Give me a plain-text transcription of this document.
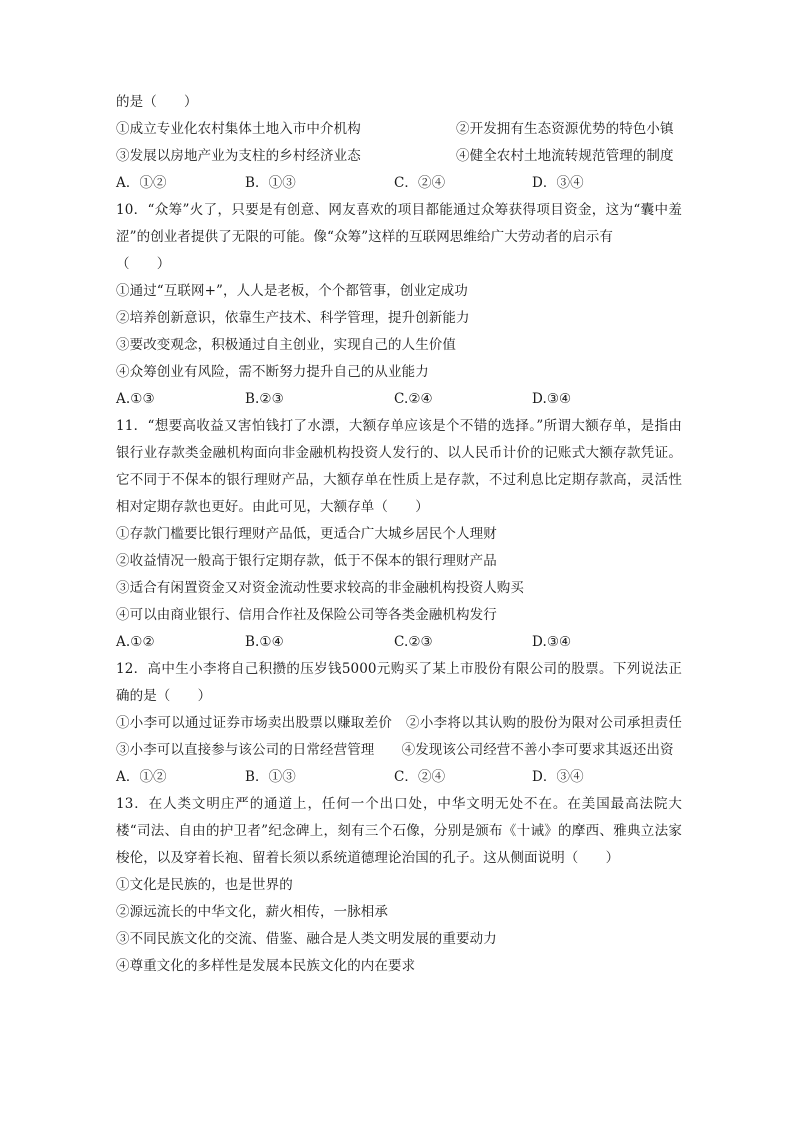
的是（　　）
①成立专业化农村集体土地入市中介机构	②开发拥有生态资源优势的特色小镇
③发展以房地产业为支柱的乡村经济业态	④健全农村土地流转规范管理的制度
A．①②	B．①③	C．②④	D．③④
10．“众筹”火了，只要是有创意、网友喜欢的项目都能通过众筹获得项目资金，这为“囊中羞涩”的创业者提供了无限的可能。像“众筹”这样的互联网思维给广大劳动者的启示有
（　　）
①通过“互联网+”，人人是老板，个个都管事，创业定成功
②培养创新意识，依靠生产技术、科学管理，提升创新能力
③要改变观念，积极通过自主创业，实现自己的人生价值
④众筹创业有风险，需不断努力提升自己的从业能力
A.①③	B.②③	C.②④	D.③④
11．“想要高收益又害怕钱打了水漂，大额存单应该是个不错的选择。”所谓大额存单，是指由银行业存款类金融机构面向非金融机构投资人发行的、以人民币计价的记账式大额存款凭证。它不同于不保本的银行理财产品，大额存单在性质上是存款，不过利息比定期存款高，灵活性相对定期存款也更好。由此可见，大额存单（　　）
①存款门槛要比银行理财产品低，更适合广大城乡居民个人理财
②收益情况一般高于银行定期存款，低于不保本的银行理财产品
③适合有闲置资金又对资金流动性要求较高的非金融机构投资人购买
④可以由商业银行、信用合作社及保险公司等各类金融机构发行
A.①②	B.①④	C.②③	D.③④
12．高中生小李将自己积攒的压岁钱5000元购买了某上市股份有限公司的股票。下列说法正确的是（　　）
①小李可以通过证券市场卖出股票以赚取差价　②小李将以其认购的股份为限对公司承担责任　③小李可以直接参与该公司的日常经营管理　　④发现该公司经营不善小李可要求其返还出资
A．①②	B．①③	C．②④	D．③④
13．在人类文明庄严的通道上，任何一个出口处，中华文明无处不在。在美国最高法院大楼“司法、自由的护卫者”纪念碑上，刻有三个石像，分别是颁布《十诫》的摩西、雅典立法家梭伦，以及穿着长袍、留着长须以系统道德理论治国的孔子。这从侧面说明（　　）
①文化是民族的，也是世界的
②源远流长的中华文化，薪火相传，一脉相承
③不同民族文化的交流、借鉴、融合是人类文明发展的重要动力
④尊重文化的多样性是发展本民族文化的内在要求
